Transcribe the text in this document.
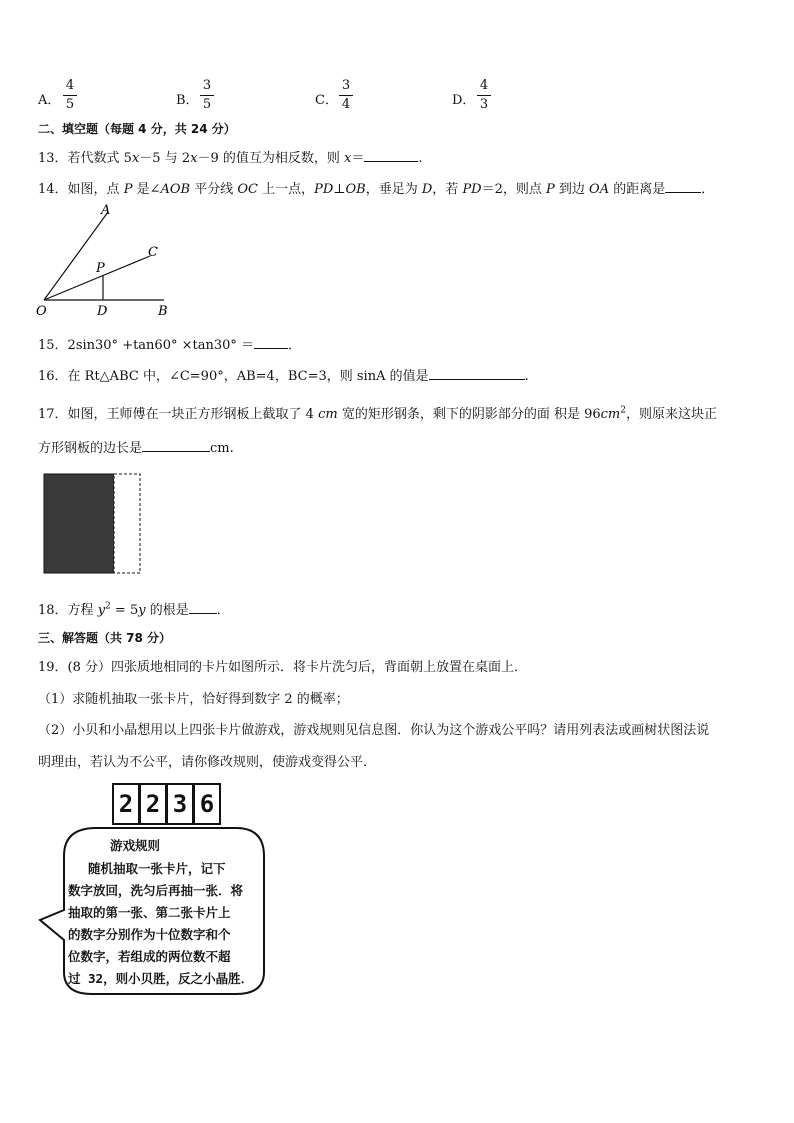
A．
4
5	B．
3
5	C．
3
4	D．
4
3
二、填空题（每题 4 分，共 24 分）
13．若代数式 5x－5 与 2x－9 的值互为相反数，则 x＝	.
14．如图，点 P 是∠AOB 平分线 OC 上一点，PD⊥OB，垂足为 D，若 PD＝2，则点 P 到边 OA 的距离是	．
A
C
P
O	D	B
15．2sin30° +tan60° ×tan30° ＝	．
16．在 Rt△ABC 中，∠C=90°，AB=4，BC=3，则 sinA 的值是	.
17．如图，王师傅在一块正方形钢板上截取了 4 cm 宽的矩形钢条，剩下的阴影部分的面 积是 $96cm^2$，则原来这块正
方形钢板的边长是	cm.
18．方程 $y^2 = 5y$ 的根是 ．
三、解答题（共 78 分）
19．(8 分）四张质地相同的卡片如图所示．将卡片洗匀后，背面朝上放置在桌面上．
（1）求随机抽取一张卡片，恰好得到数字 2 的概率；
（2）小贝和小晶想用以上四张卡片做游戏，游戏规则见信息图．你认为这个游戏公平吗？请用列表法或画树状图法说
明理由，若认为不公平，请你修改规则，使游戏变得公平．
2 2 3 6
游戏规则
随机抽取一张卡片，记下
数字放回，洗匀后再抽一张．将
抽取的第一张、第二张卡片上
的数字分别作为十位数字和个
位数字，若组成的两位数不超
过 32，则小贝胜，反之小晶胜．
